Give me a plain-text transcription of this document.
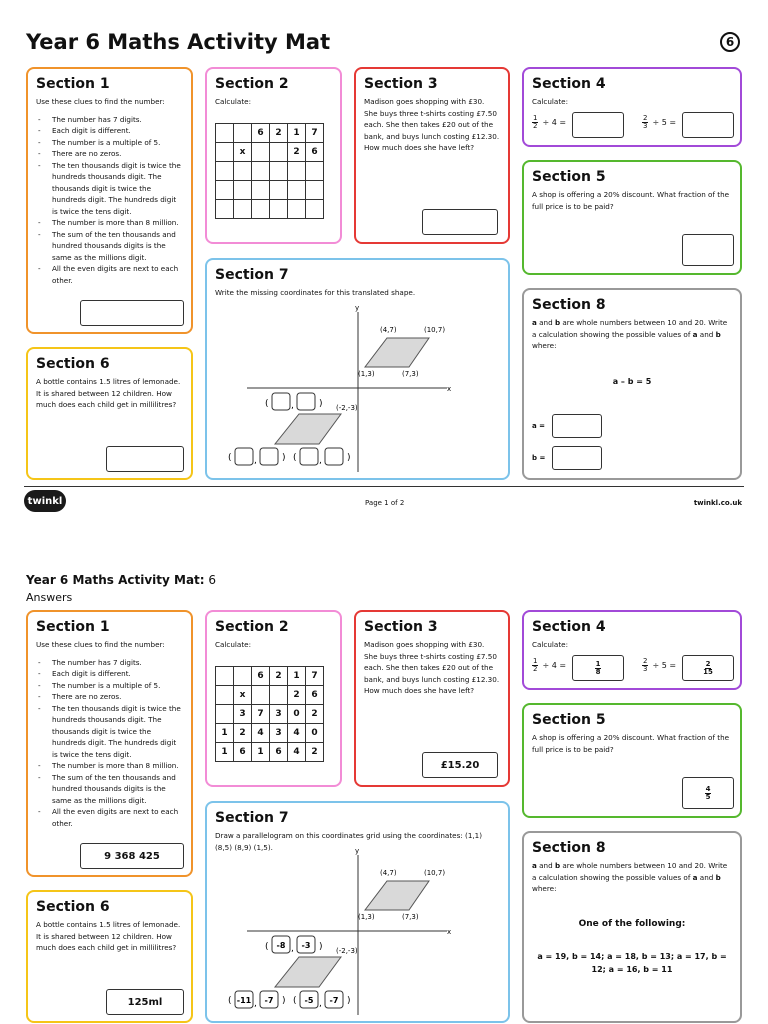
Year 6 Maths Activity Mat	6
Section 1

Use these clues to find the number:

- The number has 7 digits.
- Each digit is different.
- The number is a multiple of 5.
- There are no zeros.
- The ten thousands digit is twice the hundreds thousands digit. The thousands digit is twice the hundreds digit. The hundreds digit is twice the tens digit.
- The number is more than 8 million.
- The sum of the ten thousands and hundred thousands digits is the same as the millions digit.
- All the even digits are next to each other.
Section 2

Calculate:

		6	2	1	7
	x			2	6

Section 3

Madison goes shopping with £30. She buys three t-shirts costing £7.50 each. She then takes £20 out of the bank, and buys lunch costing £12.30. How much does she have left?

Section 4

Calculate:

$\frac{1}{2} \div 4$ =	$\frac{2}{3} \div 5$ =
Section 5

A shop is offering a 20% discount. What fraction of the full price is to be paid?

Section 6

A bottle contains 1.5 litres of lemonade. It is shared between 12 children. How much does each child get in millilitres?

Section 7

Write the missing coordinates for this translated shape.

y
x
(4,7)	(10,7)
(1,3)	(7,3)
(-2,-3)
( ,	)
( ,	) ( ,	)
Section 8

a and b are whole numbers between 10 and 20. Write a calculation showing the possible values of a and b where:

a – b = 5
a =
b =
twinkl	Page 1 of 2	twinkl.co.uk
Year 6 Maths Activity Mat: 6
Answers
Section 1

Use these clues to find the number:

- The number has 7 digits.
- Each digit is different.
- The number is a multiple of 5.
- There are no zeros.
- The ten thousands digit is twice the hundreds thousands digit. The thousands digit is twice the hundreds digit. The hundreds digit is twice the tens digit.
- The number is more than 8 million.
- The sum of the ten thousands and hundred thousands digits is the same as the millions digit.
- All the even digits are next to each other.
9 368 425
Section 2

Calculate:

		6	2	1	7
	x			2	6
	3	7	3	0	2
1	2	4	3	4	0
1	6	1	6	4	2
Section 3

Madison goes shopping with £30. She buys three t-shirts costing £7.50 each. She then takes £20 out of the bank, and buys lunch costing £12.30. How much does she have left?

£15.20
Section 4

Calculate:

$\frac{1}{2} \div 4$ =	$\frac{1}{8}$	$\frac{2}{3} \div 5$ =	$\frac{2}{15}$
Section 5

A shop is offering a 20% discount. What fraction of the full price is to be paid?

$\frac{4}{5}$
Section 6

A bottle contains 1.5 litres of lemonade. It is shared between 12 children. How much does each child get in millilitres?

125ml
Section 7

Draw a parallelogram on this coordinates grid using the coordinates: (1,1) (8,5) (8,9) (1,5).	y
x
(4,7)	(10,7)
(1,3)	(7,3)
(-2,-3)
( -8 , -3 )
( -11 , -7 ) ( -5 , -7 )
Section 8

a and b are whole numbers between 10 and 20. Write a calculation showing the possible values of a and b where:

One of the following:
a = 19, b = 14; a = 18, b = 13; a = 17, b = 12; a = 16, b = 11
